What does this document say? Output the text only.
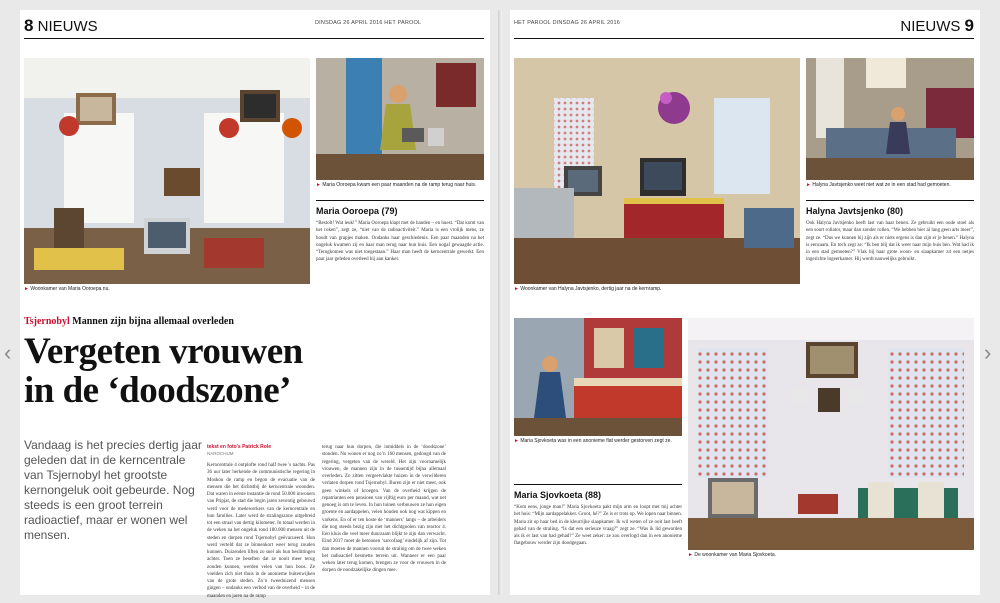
8 NIEUWS	DINSDAG 26 APRIL 2016 HET PAROOL
► Woonkamer van Maria Ooroepa nu.
► Maria Ooroepa kwam een paar maanden na de ramp terug naar huis.
Maria Ooroepa (79)
“Bestolt! Wat leuk!” Maria Ooroepa klapt met de handen – en huest. “Dat komt van het roken”, zegt ze, “niet van de radioactiviteit.” Maria is een vrolijk mens, ze houdt van grapjes maken. Ondanks haar geschiedenis. Een paar maanden na het ongeluk kwamen zij en haar man terug naar hun huis. Een nogal gewaagde actie. “Terugkomen was niet toegestaan.” Haar man heeft de kerncentrale gewerkt. Een paar jaar geleden overleed hij aan kanker.
Tsjernobyl Mannen zijn bijna allemaal overleden
Vergeten vrouwen
in de ‘doodszone’
Vandaag is het precies dertig jaar geleden dat in de kerncentrale van Tsjernobyl het grootste kernongeluk ooit gebeurde. Nog steeds is een groot terrein radioactief, maar er wonen wel mensen.
tekst en foto’s Patrick Role
NAROCHUM
Kerncentrale 4 ontplofte rond half twee 's nachts. Pas 36 uur later herkende de communistische regering in Moskou de ramp en begon de evacuatie van de mensen die het dichtstbij de kerncentrale woonden. Dat waren in eerste instantie de rond 50.000 inwoners van Pripjat, de stad die begin jaren zeventig gebouwd werd voor de medewerkers van de kerncentrale en hun families. Later werd de stralingszone uitgebreid tot een straal van dertig kilometer. In totaal werden in de weken na het ongeluk rond 180.000 mensen uit de steden en dorpen rond Tsjernobyl geëvacueerd. Hun werd verteld dat ze binnenkort weer terug zouden kunnen. Duizenden liften zo snel als hun beslittingen achter. Toen ze beseften dat ze nooit meer terug zouden kunnen, werden velen van hun boos. Ze voelden zich niet thuis in de anonieme buitenwijken van de grote steden. Zo’n tweeduizend mensen gingen – ondanks een verbod van de overheid – in de maanden en jaren na de ramp
terug naar hun dorpen, die inmiddels in de ‘doodszone’ stonden. Nu wonen er nog zo’n 160 mensen, gedoogd van de regering, vergeten van de wereld. Het zijn voornamelijk vrouwen, de mannen zijn in de tussentijd bijna allemaal overleden. Zo zitten vergeetvlakte huizen in de verwilderen verlaten dorpen rond Tsjernobyl. Buren zijn er niet meer, ook geen winkels of kroegen. Van de overheid krijgen de repatrianten een pensioen van vijftig euro per maand, wat net genoeg is om te leven. In hun tuinen verbouwen ze hun eigen groente en aardappelen, velen houden ook nog wat kippen en varkens. En of er ten koste de ‘manners’ langs – de arbeiders die nog steeds bezig zijn met het dichtgooien van reactor 4. Een kluis die veel meer duurzaam blijkt te zijn dan verwacht. Eind 2017 moet de betonnen ‘sarcofaag’ eindelijk af zijn. Tot dan moeten de mannen vooruit de straling om de twee weken het radioactief besmette terrein uit. Wanneer er een paar weken later terug komen, brengen ze voor de vrouwen in de dorpen de noodzakelijke dingen mee.
HET PAROOL DINSDAG 26 APRIL 2016	NIEUWS 9
► Woonkamer van Halyna Javtsjenko, dertig jaar na de kernramp.
► Halyna Javtsjenko weet niet wat ze in een stad had gemoeten.
Halyna Javtsjenko (80)
Ook Halyna Javtsjenko heeft last van haar benen. Ze gebruikt een oude stoel als een soort rollator, maar dan zonder rollen. “We hebben hier al lang geen arts meer”, zegt ze. “Dus we kunnen bij zijn als er niets ergens is dan zijn er je benen.” Halyna is eenzaam. En toch zegt ze: “Ik ben blij dat ik weer naar mijn huis ben. Wat had ik in een stad gemoeten?” Vlak bij haar grote woon- en slaapkamer zit een netjes ingerichte logeerkamer. Hij wordt nauwelijks gebruikt.
► Maria Sjovkoeta was in een anonieme flat werder gestorven zegt ze.
Maria Sjovkoeta (88)
“Kom eens, jonge man!” Maria Sjovkoeta pakt mijn arm en loopt met mij achter het huis: “Mijn aardappelakker. Groot, hé?” Ze is er trots op. We lopen naar binnen. Maria zit op haar bed in de kleurrijke slaapkamer. Ik wil weten of ze ooit last heeft gehad van de straling. “Is dat een serieuze vraag?” zegt ze. “Was ik lid geworden als ik er last van had gehad?” Ze weet zeker: ze zou overlogd dan in een anonieme flatgebouw werder zijn doodgegaan.
► De woonkamer van Maria Sjovkoeta.
‹	›
